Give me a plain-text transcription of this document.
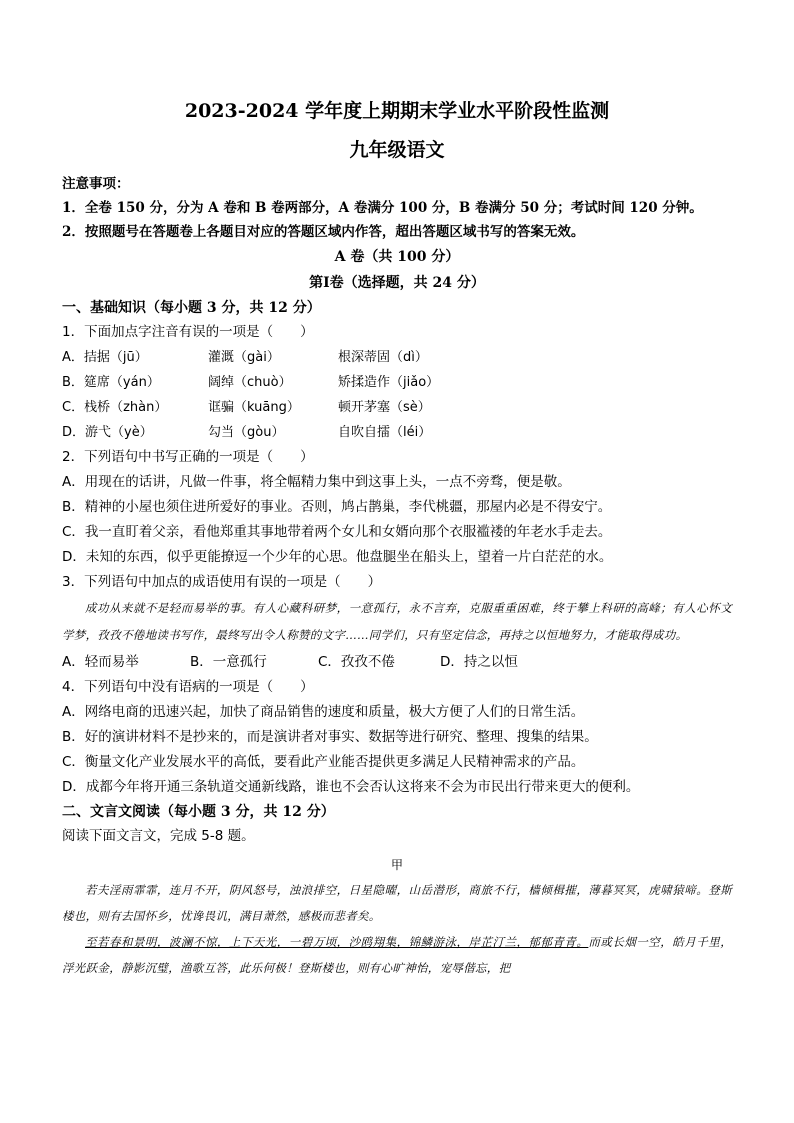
2023-2024 学年度上期期末学业水平阶段性监测
九年级语文
注意事项：
1．全卷 150 分，分为 A 卷和 B 卷两部分，A 卷满分 100 分，B 卷满分 50 分；考试时间 120 分钟。
2．按照题号在答题卷上各题目对应的答题区域内作答，超出答题区域书写的答案无效。
A 卷（共 100 分）
第Ⅰ卷（选择题，共 24 分）
一、基础知识（每小题 3 分，共 12 分）
1．下面加点字注音有误的一项是（　　）
A．拮据（jū）	灌溉（gài）	根深蒂固（dì）
B．筵席（yán）	阔绰（chuò）	矫揉造作（jiǎo）
C．栈桥（zhàn）	诓骗（kuāng）	顿开茅塞（sè）
D．游弋（yè）	勾当（gòu）	自吹自擂（léi）
2．下列语句中书写正确的一项是（　　）
A．用现在的话讲，凡做一件事，将全幅精力集中到这事上头，一点不旁骛，便是敬。
B．精神的小屋也须住进所爱好的事业。否则，鸠占鹊巢，李代桃疆，那屋内必是不得安宁。
C．我一直盯着父亲，看他郑重其事地带着两个女儿和女婿向那个衣服褴褛的年老水手走去。
D．未知的东西，似乎更能撩逗一个少年的心思。他盘腿坐在船头上，望着一片白茫茫的水。
3．下列语句中加点的成语使用有误的一项是（　　）
成功从来就不是轻而易举的事。有人心藏科研梦，一意孤行，永不言弃，克服重重困难，终于攀上科研的高峰；有人心怀文学梦，孜孜不倦地读书写作，最终写出令人称赞的文字……同学们，只有坚定信念，再持之以恒地努力，才能取得成功。
A．轻而易举	B．一意孤行	C．孜孜不倦	D．持之以恒
4．下列语句中没有语病的一项是（　　）
A．网络电商的迅速兴起，加快了商品销售的速度和质量，极大方便了人们的日常生活。
B．好的演讲材料不是抄来的，而是演讲者对事实、数据等进行研究、整理、搜集的结果。
C．衡量文化产业发展水平的高低，要看此产业能否提供更多满足人民精神需求的产品。
D．成都今年将开通三条轨道交通新线路，谁也不会否认这将来不会为市民出行带来更大的便利。
二、文言文阅读（每小题 3 分，共 12 分）
阅读下面文言文，完成 5-8 题。
甲
若夫淫雨霏霏，连月不开，阴风怒号，浊浪排空，日星隐曜，山岳潜形，商旅不行，樯倾楫摧，薄暮冥冥，虎啸猿啼。登斯楼也，则有去国怀乡，忧谗畏讥，满目萧然，感极而悲者矣。
至若春和景明，波澜不惊，上下天光，一碧万顷，沙鸥翔集，锦鳞游泳，岸芷汀兰，郁郁青青。而或长烟一空，皓月千里，浮光跃金，静影沉璧，渔歌互答，此乐何极！登斯楼也，则有心旷神怡，宠辱偕忘，把
